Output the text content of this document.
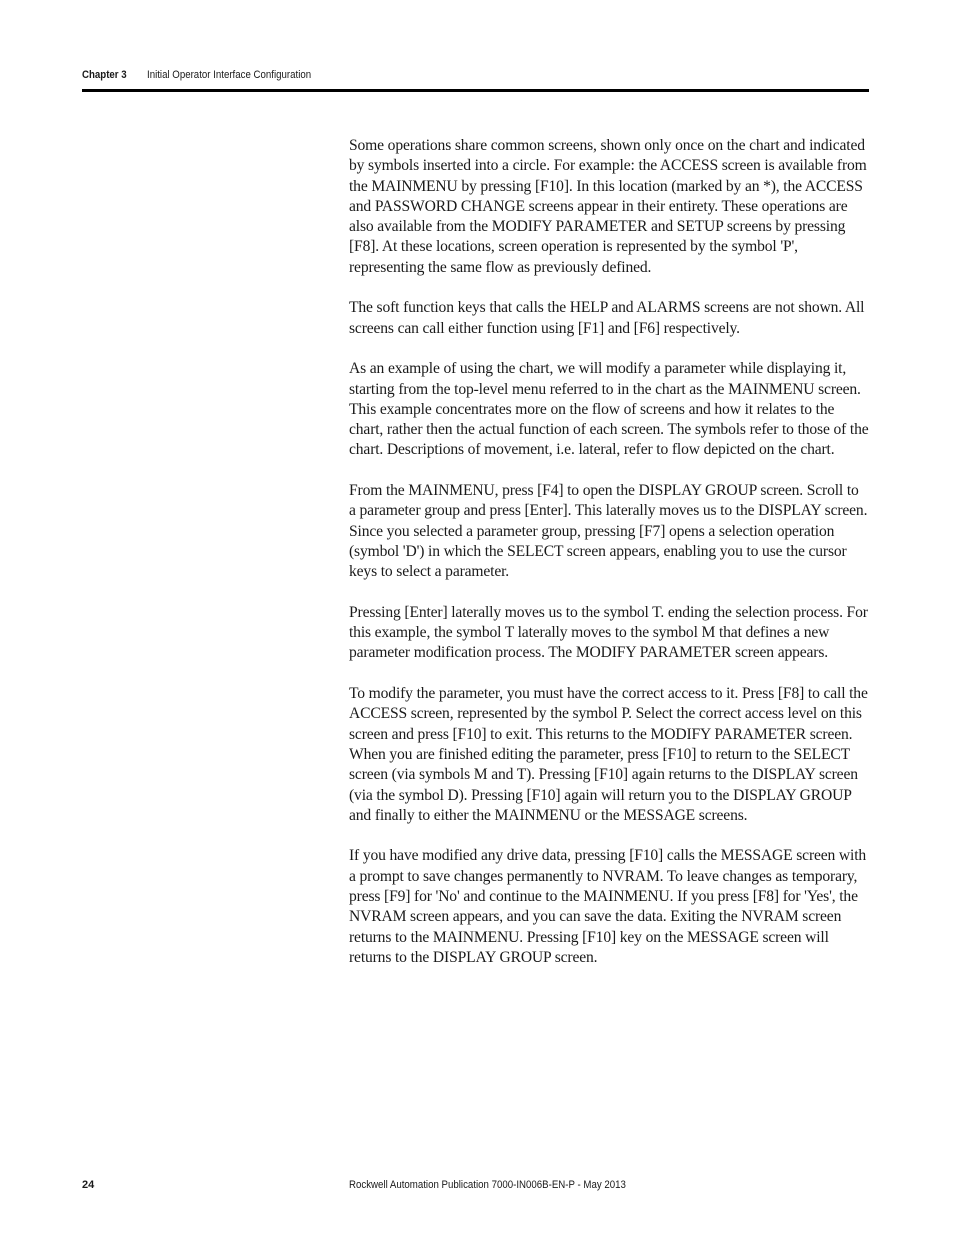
Chapter 3 Initial Operator Interface Configuration

Some operations share common screens, shown only once on the chart and indicated by symbols inserted into a circle. For example: the ACCESS screen is available from the MAINMENU by pressing [F10]. In this location (marked by an *), the ACCESS and PASSWORD CHANGE screens appear in their entirety. These operations are also available from the MODIFY PARAMETER and SETUP screens by pressing [F8]. At these locations, screen operation is represented by the symbol 'P', representing the same flow as previously defined.

The soft function keys that calls the HELP and ALARMS screens are not shown. All screens can call either function using [F1] and [F6] respectively.

As an example of using the chart, we will modify a parameter while displaying it, starting from the top-level menu referred to in the chart as the MAINMENU screen. This example concentrates more on the flow of screens and how it relates to the chart, rather then the actual function of each screen. The symbols refer to those of the chart. Descriptions of movement, i.e. lateral, refer to flow depicted on the chart.

From the MAINMENU, press [F4] to open the DISPLAY GROUP screen. Scroll to a parameter group and press [Enter]. This laterally moves us to the DISPLAY screen. Since you selected a parameter group, pressing [F7] opens a selection operation (symbol 'D') in which the SELECT screen appears, enabling you to use the cursor keys to select a parameter.

Pressing [Enter] laterally moves us to the symbol T. ending the selection process. For this example, the symbol T laterally moves to the symbol M that defines a new parameter modification process. The MODIFY PARAMETER screen appears.

To modify the parameter, you must have the correct access to it. Press [F8] to call the ACCESS screen, represented by the symbol P. Select the correct access level on this screen and press [F10] to exit. This returns to the MODIFY PARAMETER screen. When you are finished editing the parameter, press [F10] to return to the SELECT screen (via symbols M and T). Pressing [F10] again returns to the DISPLAY screen (via the symbol D). Pressing [F10] again will return you to the DISPLAY GROUP and finally to either the MAINMENU or the MESSAGE screens.

If you have modified any drive data, pressing [F10] calls the MESSAGE screen with a prompt to save changes permanently to NVRAM. To leave changes as temporary, press [F9] for 'No' and continue to the MAINMENU. If you press [F8] for 'Yes', the NVRAM screen appears, and you can save the data. Exiting the NVRAM screen returns to the MAINMENU. Pressing [F10] key on the MESSAGE screen will returns to the DISPLAY GROUP screen.

24	Rockwell Automation Publication 7000-IN006B-EN-P - May 2013
